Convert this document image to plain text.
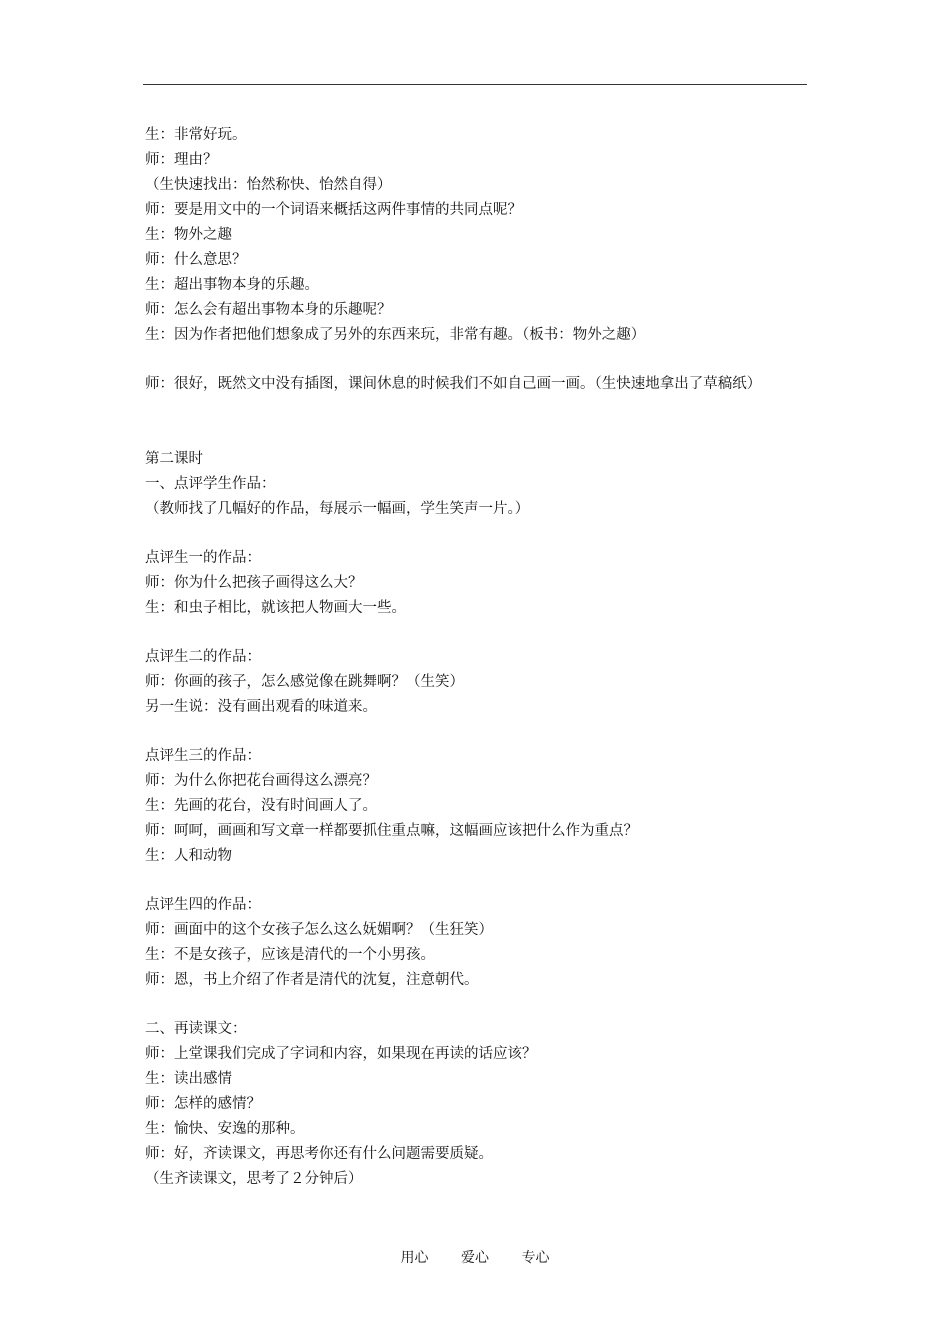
生：非常好玩。
师：理由？
（生快速找出：怡然称快、怡然自得）
师：要是用文中的一个词语来概括这两件事情的共同点呢？
生：物外之趣
师：什么意思？
生：超出事物本身的乐趣。
师：怎么会有超出事物本身的乐趣呢？
生：因为作者把他们想象成了另外的东西来玩，非常有趣。（板书：物外之趣）
师：很好，既然文中没有插图，课间休息的时候我们不如自己画一画。（生快速地拿出了草稿纸）
第二课时
一、点评学生作品：
（教师找了几幅好的作品，每展示一幅画，学生笑声一片。）
点评生一的作品：
师：你为什么把孩子画得这么大？
生：和虫子相比，就该把人物画大一些。
点评生二的作品：
师：你画的孩子，怎么感觉像在跳舞啊？（生笑）
另一生说：没有画出观看的味道来。
点评生三的作品：
师：为什么你把花台画得这么漂亮？
生：先画的花台，没有时间画人了。
师：呵呵，画画和写文章一样都要抓住重点嘛，这幅画应该把什么作为重点？
生：人和动物
点评生四的作品：
师：画面中的这个女孩子怎么这么妩媚啊？（生狂笑）
生：不是女孩子，应该是清代的一个小男孩。
师：恩，书上介绍了作者是清代的沈复，注意朝代。
二、再读课文：
师：上堂课我们完成了字词和内容，如果现在再读的话应该？
生：读出感情
师：怎样的感情？
生：愉快、安逸的那种。
师：好，齐读课文，再思考你还有什么问题需要质疑。
（生齐读课文，思考了２分钟后）
用心 爱心 专心
